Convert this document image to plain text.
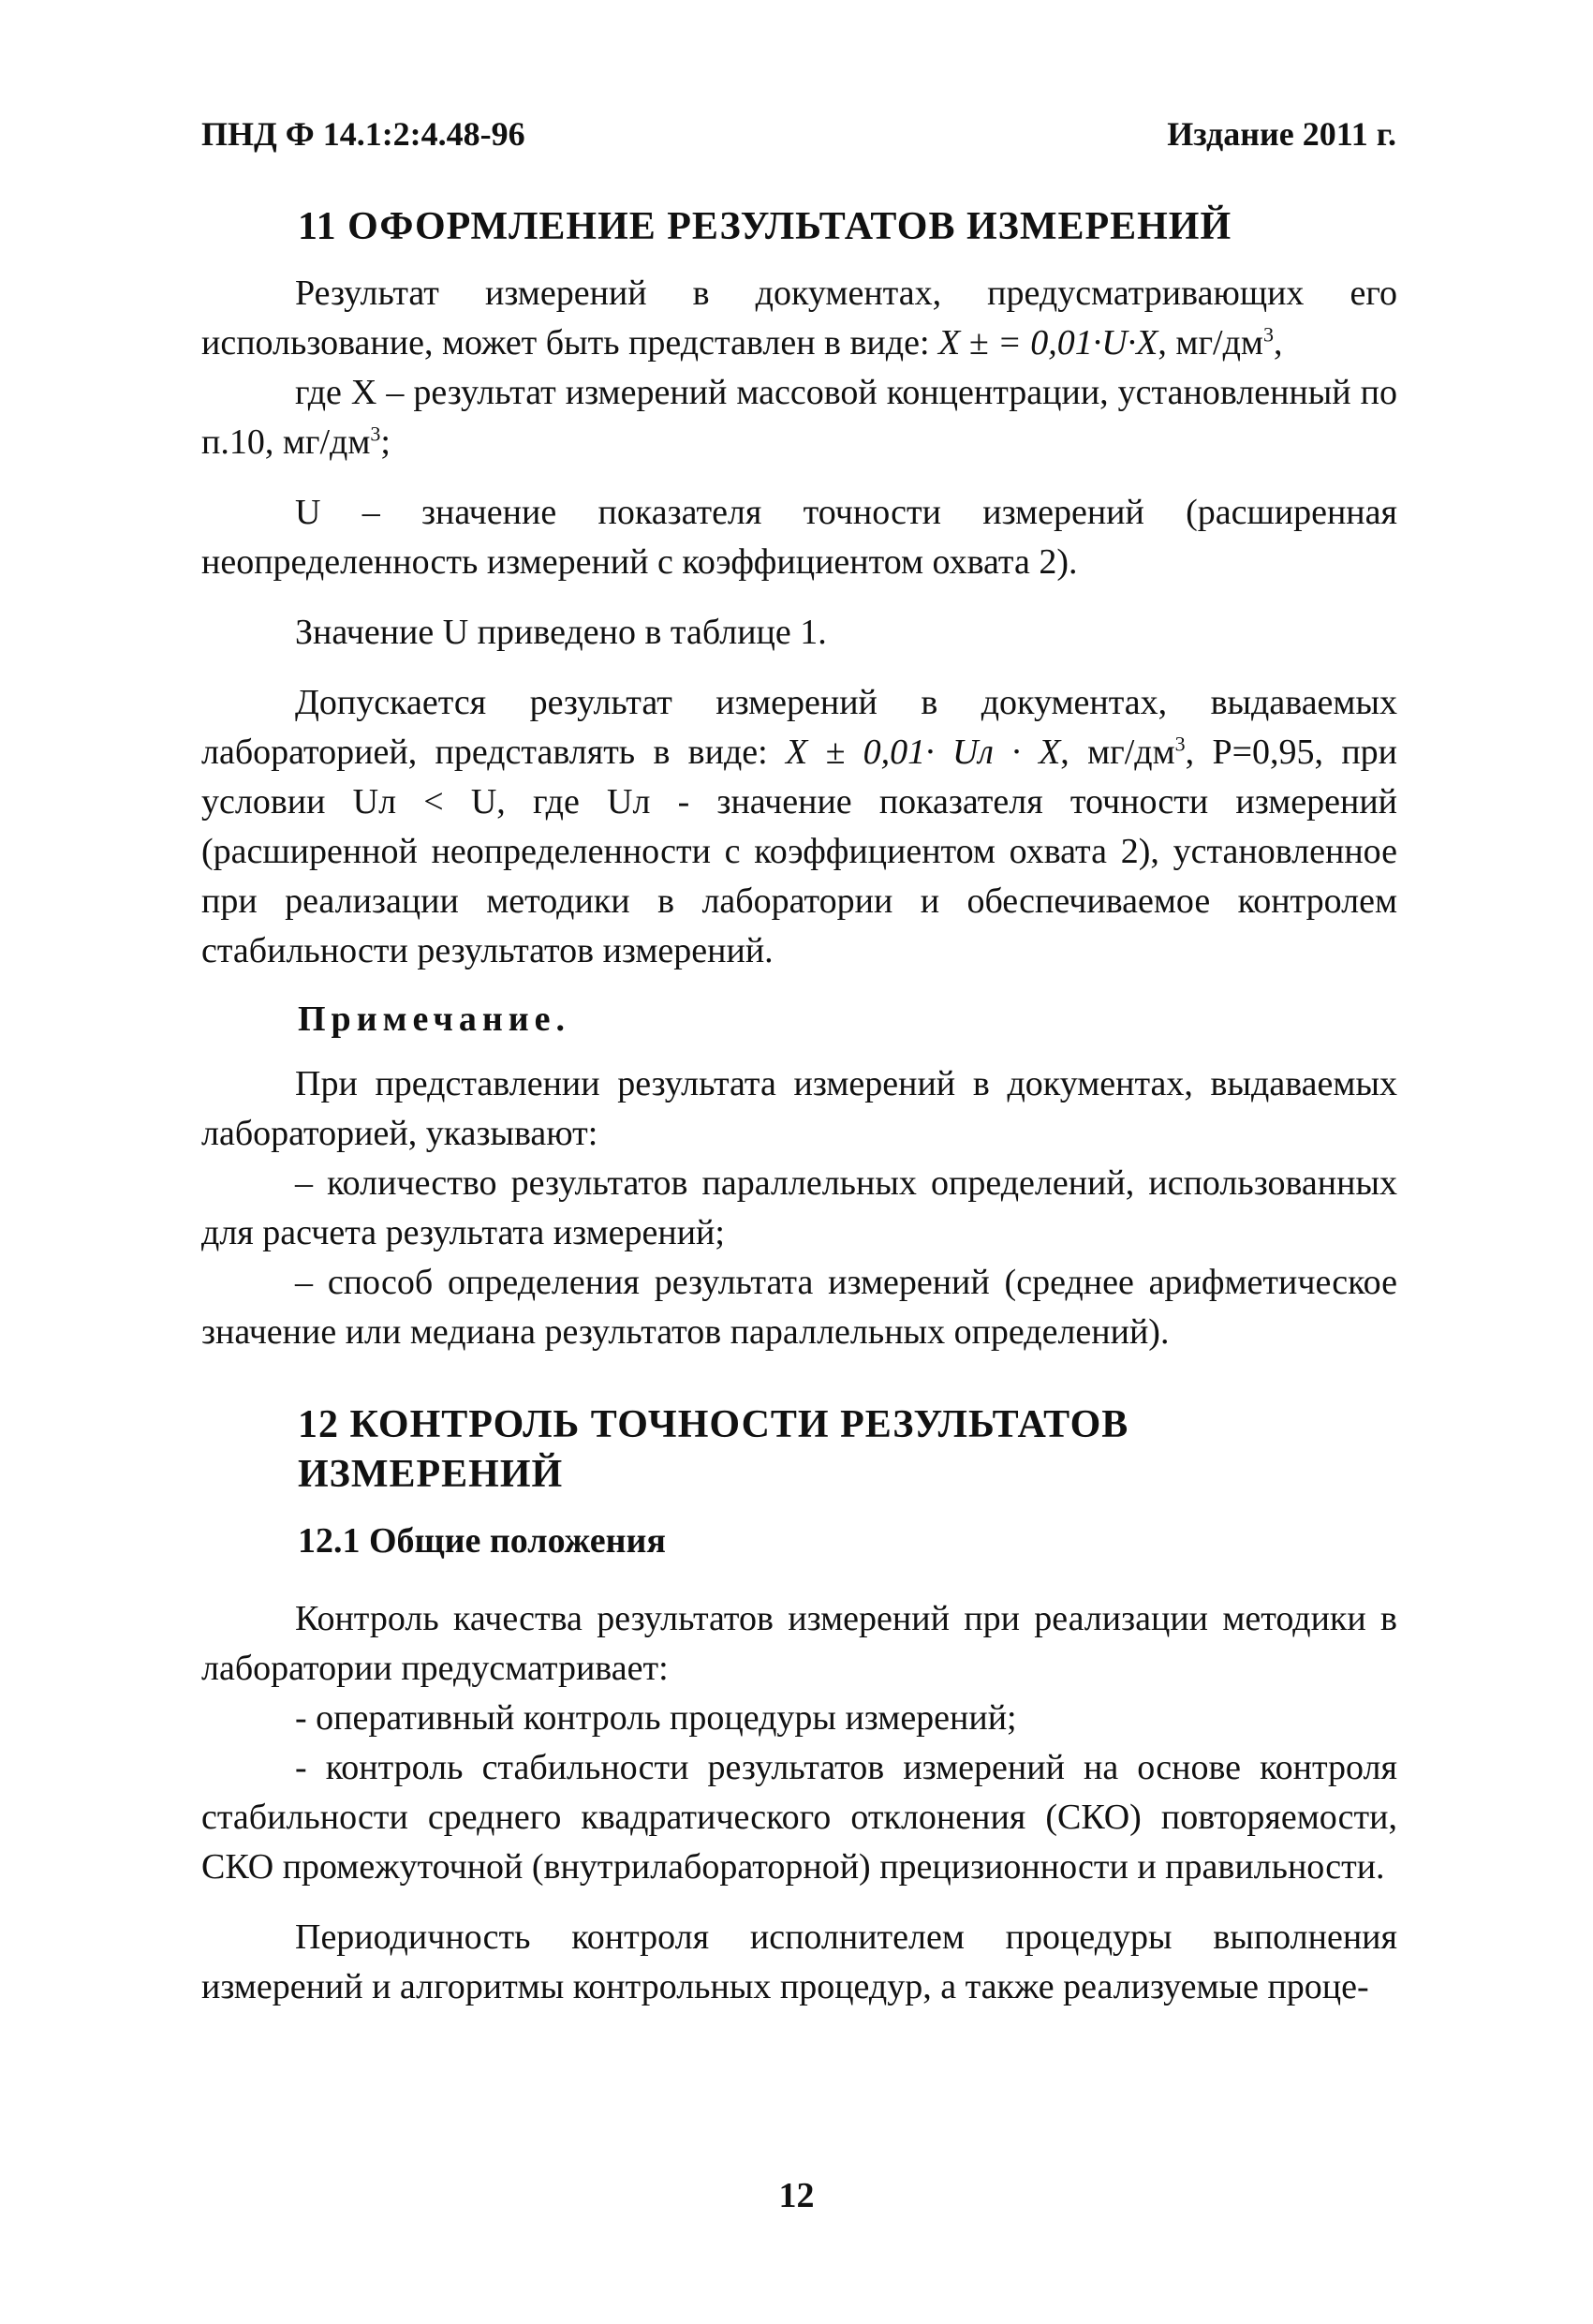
ПНД Ф 14.1:2:4.48-96	Издание 2011 г.

11 ОФОРМЛЕНИЕ РЕЗУЛЬТАТОВ ИЗМЕРЕНИЙ

Результат измерений в документах, предусматривающих его использование, может быть представлен в виде: X ± = 0,01·U·X, $мг/дм^3$,

где X – результат измерений массовой концентрации, установленный по п.10, $мг/дм^3$;

U – значение показателя точности измерений (расширенная неопределенность измерений с коэффициентом охвата 2).

Значение U приведено в таблице 1.

Допускается результат измерений в документах, выдаваемых лабораторией, представлять в виде: X ± 0,01· Uл · X, $мг/дм^3$, Р=0,95, при условии Uл < U, где Uл - значение показателя точности измерений (расширенной неопределенности с коэффициентом охвата 2), установленное при реализации методики в лаборатории и обеспечиваемое контролем стабильности результатов измерений.

Примечание.

При представлении результата измерений в документах, выдаваемых лабораторией, указывают:

– количество результатов параллельных определений, использованных для расчета результата измерений;

– способ определения результата измерений (среднее арифметическое значение или медиана результатов параллельных определений).

12 КОНТРОЛЬ ТОЧНОСТИ РЕЗУЛЬТАТОВ ИЗМЕРЕНИЙ

12.1 Общие положения

Контроль качества результатов измерений при реализации методики в лаборатории предусматривает:

- оперативный контроль процедуры измерений;

- контроль стабильности результатов измерений на основе контроля стабильности среднего квадратического отклонения (СКО) повторяемости, СКО промежуточной (внутрилабораторной) прецизионности и правильности.

Периодичность контроля исполнителем процедуры выполнения измерений и алгоритмы контрольных процедур, а также реализуемые проце-

12
